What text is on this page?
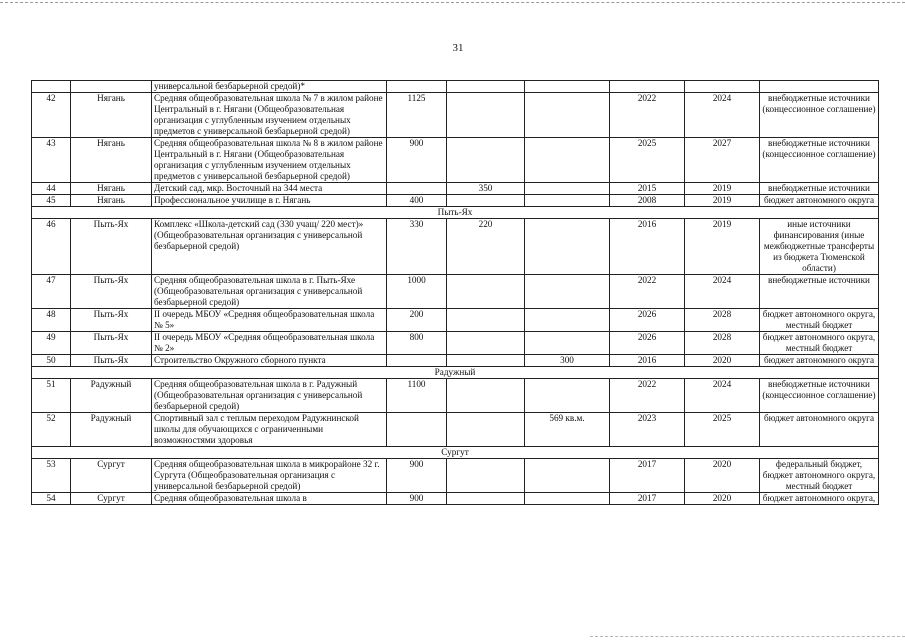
31
		универсальной безбарьерной средой)*						
42	Нягань	Средняя общеобразовательная школа № 7 в жилом районе Центральный в г. Нягани (Общеобразовательная организация с углубленным изучением отдельных предметов с универсальной безбарьерной средой)	1125			2022	2024	внебюджетные источники (концессионное соглашение)
43	Нягань	Средняя общеобразовательная школа № 8 в жилом районе Центральный в г. Нягани (Общеобразовательная организация с углубленным изучением отдельных предметов с универсальной безбарьерной средой)	900			2025	2027	внебюджетные источники (концессионное соглашение)
44	Нягань	Детский сад, мкр. Восточный на 344 места		350		2015	2019	внебюджетные источники
45	Нягань	Профессиональное училище в г. Нягань	400			2008	2019	бюджет автономного округа
Пыть-Ях								
46	Пыть-Ях	Комплекс «Школа-детский сад (330 учащ/ 220 мест)» (Общеобразовательная организация с универсальной безбарьерной средой)	330	220		2016	2019	иные источники финансирования (иные межбюджетные трансферты из бюджета Тюменской области)
47	Пыть-Ях	Средняя общеобразовательная школа в г. Пыть-Яхе (Общеобразовательная организация с универсальной безбарьерной средой)	1000			2022	2024	внебюджетные источники
48	Пыть-Ях	II очередь МБОУ «Средняя общеобразовательная школа № 5»	200			2026	2028	бюджет автономного округа, местный бюджет
49	Пыть-Ях	II очередь МБОУ «Средняя общеобразовательная школа № 2»	800			2026	2028	бюджет автономного округа, местный бюджет
50	Пыть-Ях	Строительство Окружного сборного пункта			300	2016	2020	бюджет автономного округа
Радужный								
51	Радужный	Средняя общеобразовательная школа в г. Радужный (Общеобразовательная организация с универсальной безбарьерной средой)	1100			2022	2024	внебюджетные источники (концессионное соглашение)
52	Радужный	Спортивный зал с теплым переходом Радужнинской школы для обучающихся с ограниченными возможностями здоровья			569 кв.м.	2023	2025	бюджет автономного округа
Сургут								
53	Сургут	Средняя общеобразовательная школа в микрорайоне 32 г. Сургута (Общеобразовательная организация с универсальной безбарьерной средой)	900			2017	2020	федеральный бюджет, бюджет автономного округа, местный бюджет
54	Сургут	Средняя общеобразовательная школа в	900			2017	2020	бюджет автономного округа,
